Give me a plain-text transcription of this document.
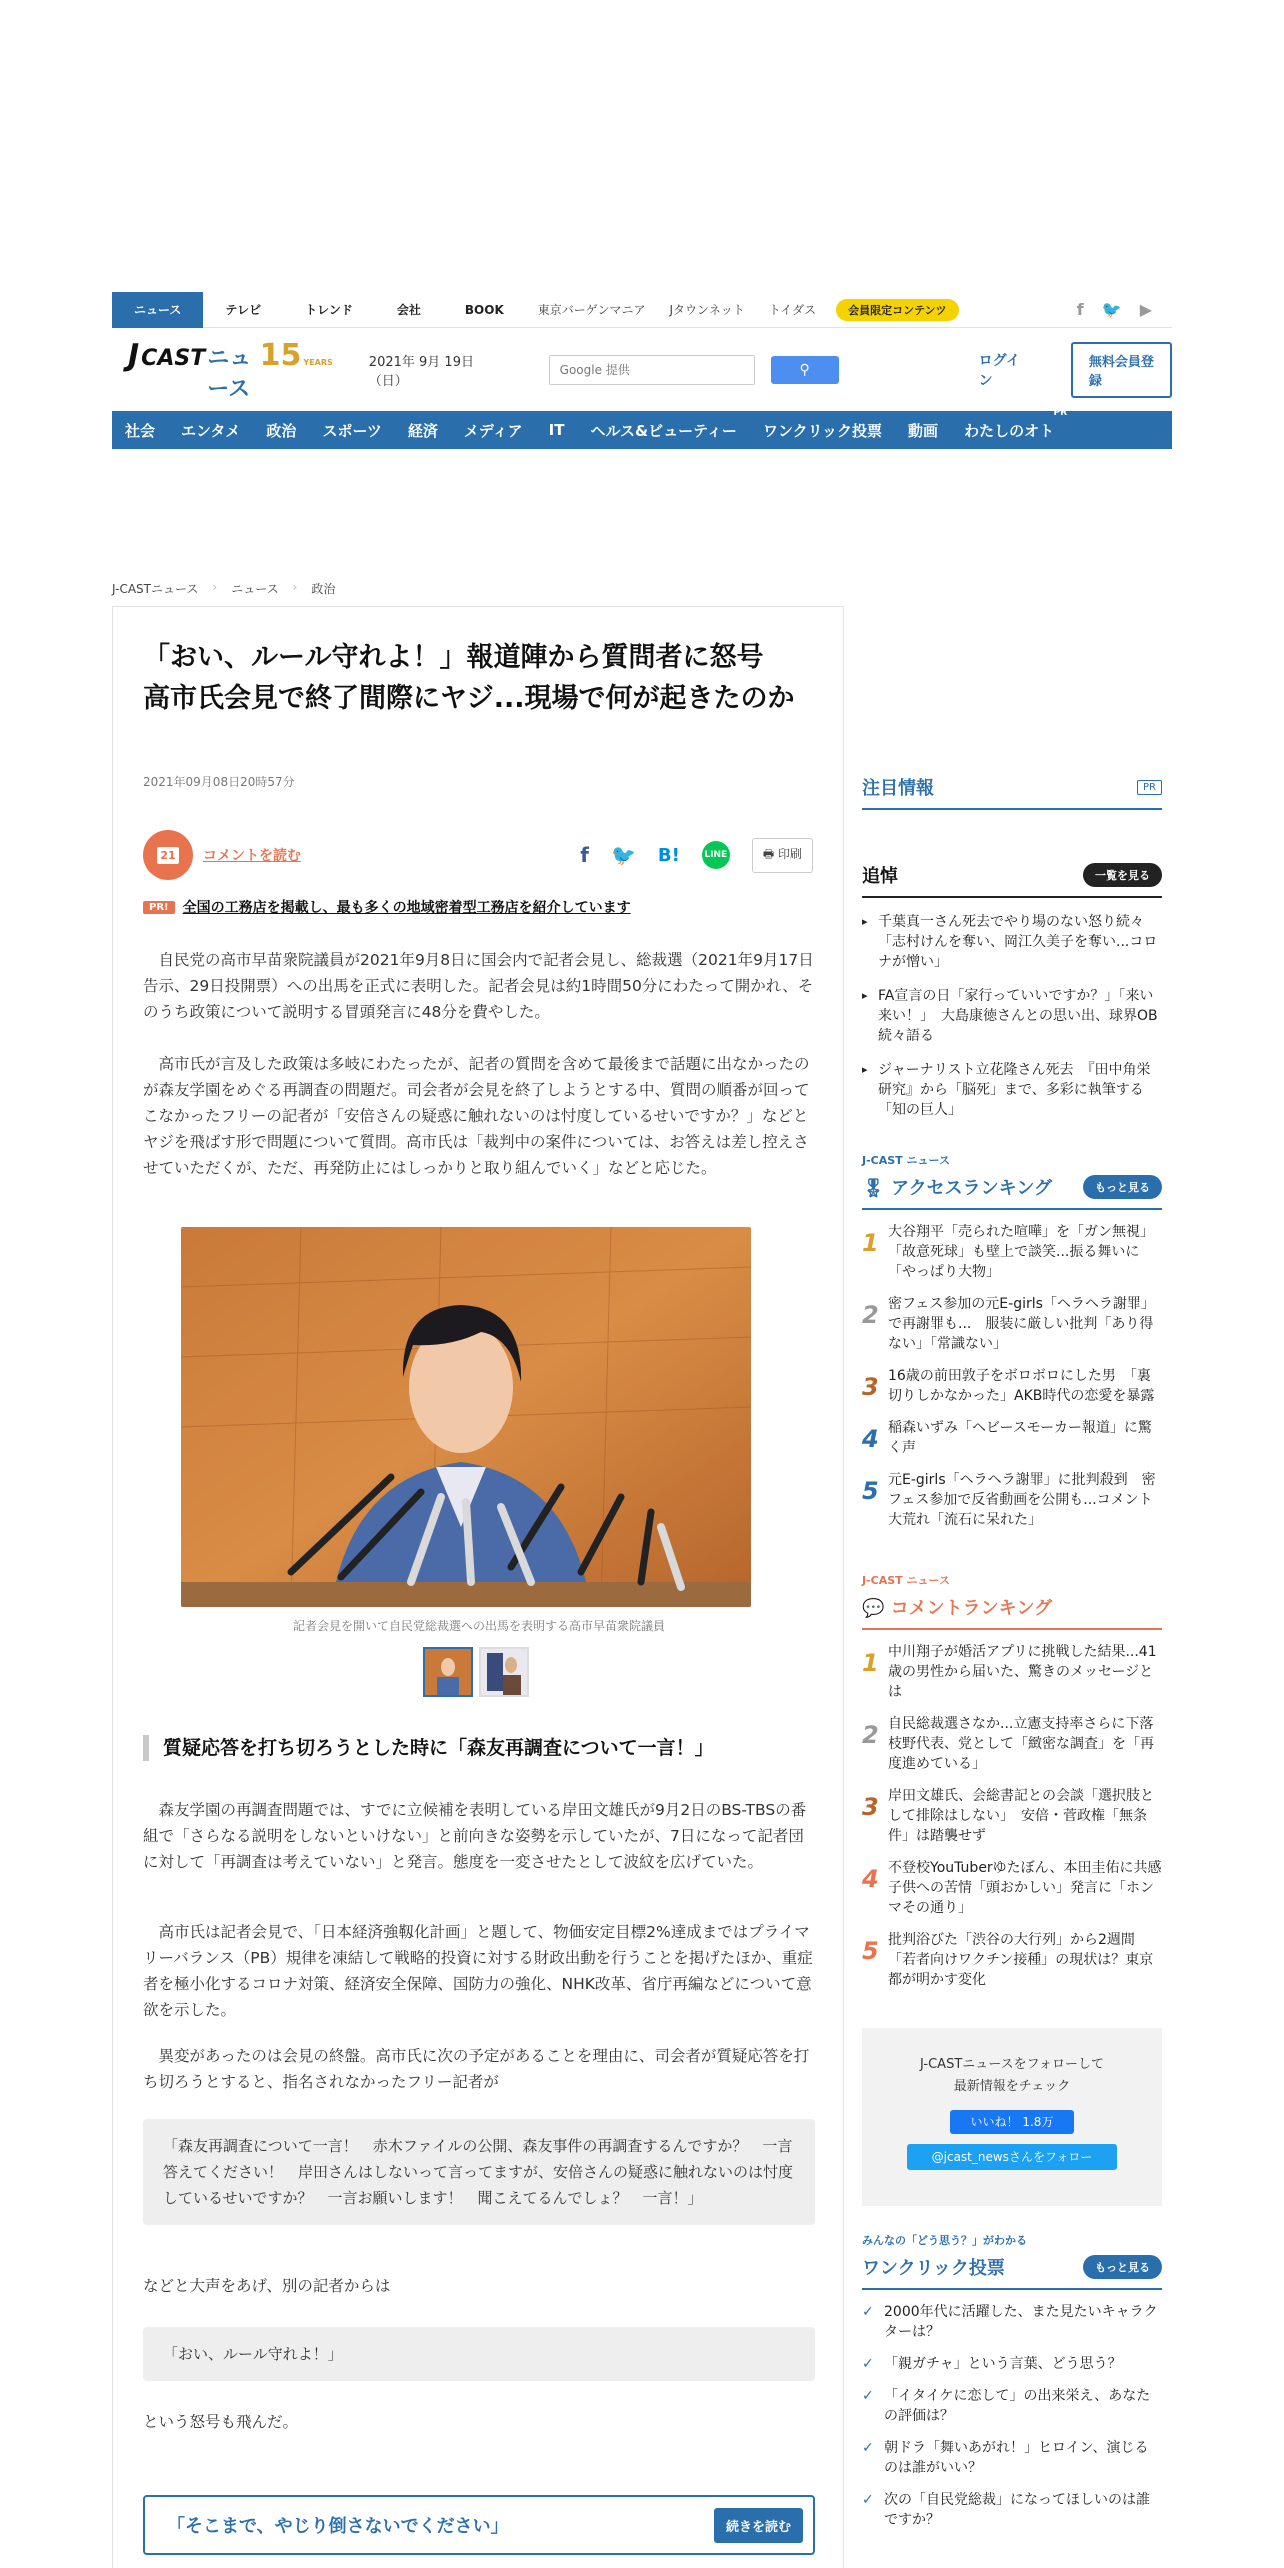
ニュース	テレビ	トレンド	会社	BOOK	東京バーゲンマニア	Jタウンネット	トイダス	会員限定コンテンツ	f 🐦 ▶
J CAST ニュース
15 YEARS	2021年 9月 19日 （日）
Google 提供	⚲
ログイン
無料会員登録
社会	エンタメ	政治	スポーツ	経済	メディア	IT	ヘルス&ビューティー	ワンクリック投票	動画	わたしのオト
PR
J-CASTニュース › ニュース › 政治
「おい、ルール守れよ！」報道陣から質問者に怒号　高市氏会見で終了間際にヤジ...現場で何が起きたのか
2021年09月08日20時57分
21 コメントを読む	f 🐦 B!	LINE	🖶 印刷
PR!	全国の工務店を掲載し、最も多くの地域密着型工務店を紹介しています

自民党の高市早苗衆院議員が2021年9月8日に国会内で記者会見し、総裁選（2021年9月17日告示、29日投開票）への出馬を正式に表明した。記者会見は約1時間50分にわたって開かれ、そのうち政策について説明する冒頭発言に48分を費やした。

高市氏が言及した政策は多岐にわたったが、記者の質問を含めて最後まで話題に出なかったのが森友学園をめぐる再調査の問題だ。司会者が会見を終了しようとする中、質問の順番が回ってこなかったフリーの記者が「安倍さんの疑惑に触れないのは忖度しているせいですか？」などとヤジを飛ばす形で問題について質問。高市氏は「裁判中の案件については、お答えは差し控えさせていただくが、ただ、再発防止にはしっかりと取り組んでいく」などと応じた。

記者会見を開いて自民党総裁選への出馬を表明する高市早苗衆院議員
質疑応答を打ち切ろうとした時に「森友再調査について一言！」

森友学園の再調査問題では、すでに立候補を表明している岸田文雄氏が9月2日のBS-TBSの番組で「さらなる説明をしないといけない」と前向きな姿勢を示していたが、7日になって記者団に対して「再調査は考えていない」と発言。態度を一変させたとして波紋を広げていた。

高市氏は記者会見で、「日本経済強靱化計画」と題して、物価安定目標2%達成まではプライマリーバランス（PB）規律を凍結して戦略的投資に対する財政出動を行うことを掲げたほか、重症者を極小化するコロナ対策、経済安全保障、国防力の強化、NHK改革、省庁再編などについて意欲を示した。

異変があったのは会見の終盤。高市氏に次の予定があることを理由に、司会者が質疑応答を打ち切ろうとすると、指名されなかったフリー記者が

「森友再調査について一言！　赤木ファイルの公開、森友事件の再調査するんですか？　一言答えてください！　岸田さんはしないって言ってますが、安倍さんの疑惑に触れないのは忖度しているせいですか？　一言お願いします！　聞こえてるんでしょ？　一言！」

などと大声をあげ、別の記者からは

「おい、ルール守れよ！」

という怒号も飛んだ。

「そこまで、やじり倒さないでください」	続きを読む
注目情報	PR
追悼	一覧を見る
▸ 千葉真一さん死去でやり場のない怒り続々「志村けんを奪い、岡江久美子を奪い...コロナが憎い」
▸ FA宣言の日「家行っていいですか？」「来い来い！」　大島康徳さんとの思い出、球界OB続々語る
▸ ジャーナリスト立花隆さん死去　『田中角栄研究』から「脳死」まで、多彩に執筆する「知の巨人」
J-CAST ニュース
🎖 アクセスランキング	もっと見る
1 大谷翔平「売られた喧嘩」を「ガン無視」　「故意死球」も壁上で談笑...振る舞いに「やっぱり大物」
2 密フェス参加の元E-girls「ヘラヘラ謝罪」で再謝罪も...　服装に厳しい批判「あり得ない」「常識ない」
3 16歳の前田敦子をボロボロにした男　「裏切りしかなかった」AKB時代の恋愛を暴露
4 稲森いずみ「ヘビースモーカー報道」に驚く声
5 元E-girls「ヘラヘラ謝罪」に批判殺到　密フェス参加で反省動画を公開も...コメント大荒れ「流石に呆れた」
J-CAST ニュース
💬 コメントランキング
1 中川翔子が婚活アプリに挑戦した結果...41歳の男性から届いた、驚きのメッセージとは
2 自民総裁選さなか...立憲支持率さらに下落　枝野代表、党として「緻密な調査」を「再度進めている」
3 岸田文雄氏、会総書記との会談「選択肢として排除はしない」　安倍・菅政権「無条件」は踏襲せず
4 不登校YouTuberゆたぼん、本田圭佑に共感　子供への苦情「頭おかしい」発言に「ホンマその通り」
5 批判浴びた「渋谷の大行列」から2週間「若者向けワクチン接種」の現状は？東京都が明かす変化
J-CASTニュースをフォローして
最新情報をチェック
いいね！ 1.8万
@jcast_newsさんをフォロー
みんなの「どう思う？」がわかる
ワンクリック投票	もっと見る
✓ 2000年代に活躍した、また見たいキャラクターは？
✓ 「親ガチャ」という言葉、どう思う？
✓ 「イタイケに恋して」の出来栄え、あなたの評価は？
✓ 朝ドラ「舞いあがれ！」ヒロイン、演じるのは誰がいい？
✓ 次の「自民党総裁」になってほしいのは誰ですか？
